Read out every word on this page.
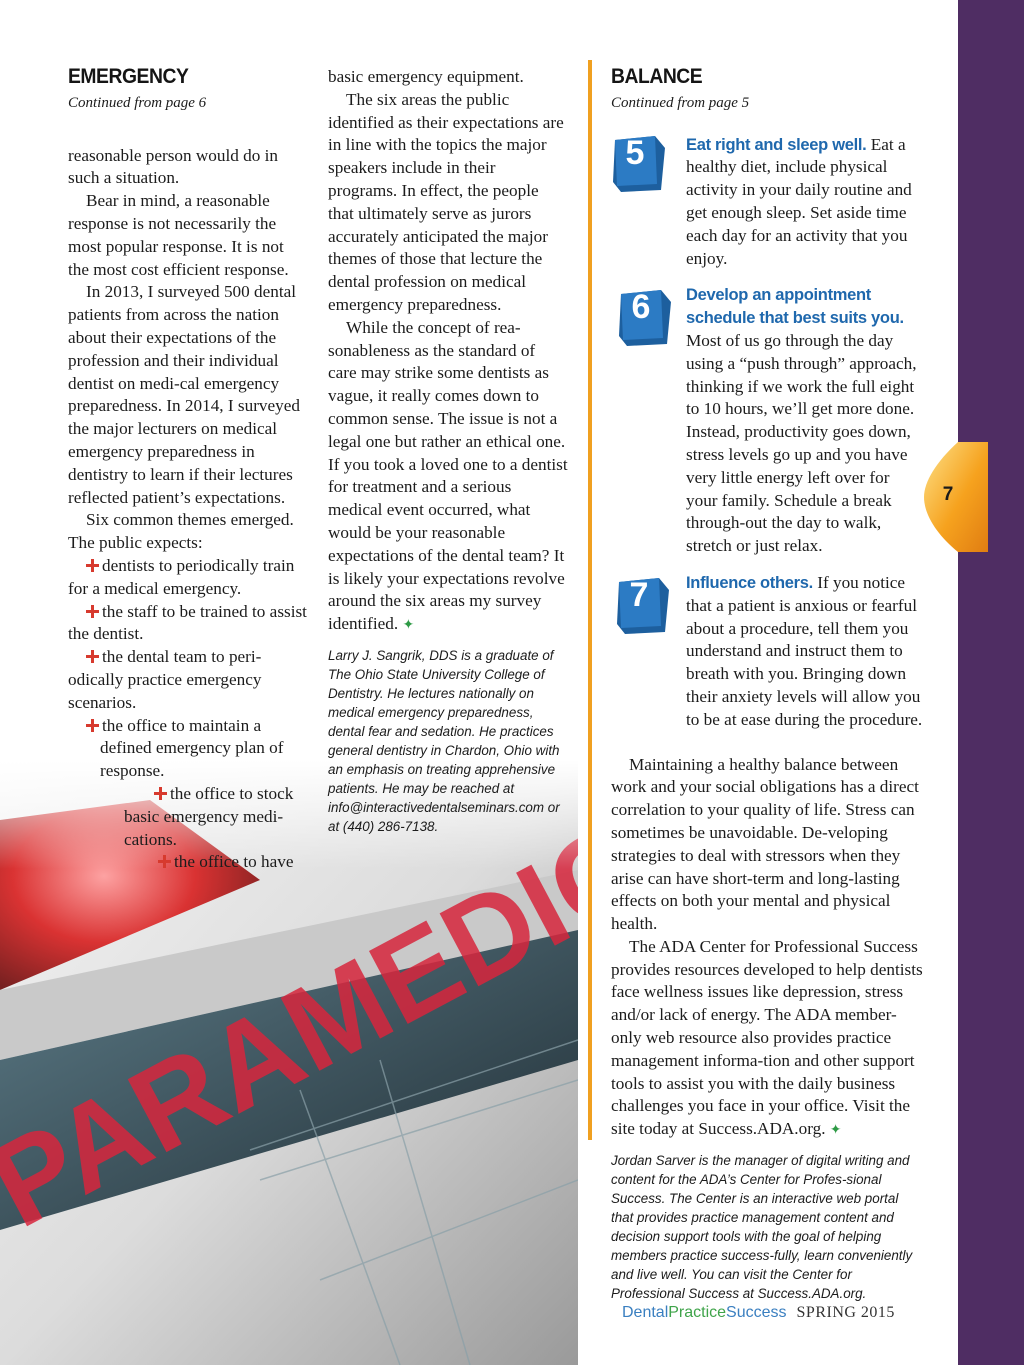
7
EMERGENCY
Continued from page 6

reasonable person would do in such a situation.

Bear in mind, a reasonable response is not necessarily the most popular response. It is not the most cost efficient response.

In 2013, I surveyed 500 dental patients from across the nation about their expectations of the profession and their individual dentist on medi-cal emergency preparedness. In 2014, I surveyed the major lecturers on medical emergency preparedness in dentistry to learn if their lectures reflected patient’s expectations.

Six common themes emerged. The public expects:

dentists to periodically train for a medical emergency.

the staff to be trained to assist the dentist.

the dental team to peri-odically practice emergency scenarios.

the office to maintain a defined emergency plan of response.

the office to stock basic emergency medi-cations.

the office to have

basic emergency equipment.

The six areas the public identified as their expectations are in line with the topics the major speakers include in their programs. In effect, the people that ultimately serve as jurors accurately anticipated the major themes of those that lecture the dental profession on medical emergency preparedness.

While the concept of rea-sonableness as the standard of care may strike some dentists as vague, it really comes down to common sense. The issue is not a legal one but rather an ethical one. If you took a loved one to a dentist for treatment and a serious medical event occurred, what would be your reasonable expectations of the dental team? It is likely your expectations revolve around the six areas my survey identified. ✦

Larry J. Sangrik, DDS is a graduate of The Ohio State University College of Dentistry. He lectures nationally on medical emergency preparedness, dental fear and sedation. He practices general dentistry in Chardon, Ohio with an emphasis on treating apprehensive patients. He may be reached at info@interactivedentalseminars.com or at (440) 286-7138.

BALANCE
Continued from page 5
5	Eat right and sleep well. Eat a healthy diet, include physical activity in your daily routine and get enough sleep. Set aside time each day for an activity that you enjoy.

6	Develop an appointment schedule that best suits you. Most of us go through the day using a “push through” approach, thinking if we work the full eight to 10 hours, we’ll get more done. Instead, productivity goes down, stress levels go up and you have very little energy left over for your family. Schedule a break through-out the day to walk, stretch or just relax.

7	Influence others. If you notice that a patient is anxious or fearful about a procedure, tell them you understand and instruct them to breath with you. Bringing down their anxiety levels will allow you to be at ease during the procedure.

Maintaining a healthy balance between work and your social obligations has a direct correlation to your quality of life. Stress can sometimes be unavoidable. De-veloping strategies to deal with stressors when they arise can have short-term and long-lasting effects on both your mental and physical health.

The ADA Center for Professional Success provides resources developed to help dentists face wellness issues like depression, stress and/or lack of energy. The ADA member-only web resource also provides practice management informa-tion and other support tools to assist you with the daily business challenges you face in your office. Visit the site today at Success.ADA.org. ✦

Jordan Sarver is the manager of digital writing and content for the ADA’s Center for Profes-sional Success. The Center is an interactive web portal that provides practice management content and decision support tools with the goal of helping members practice success-fully, learn conveniently and live well. You can visit the Center for Professional Success at Success.ADA.org.

DentalPracticeSuccess SPRING 2015
